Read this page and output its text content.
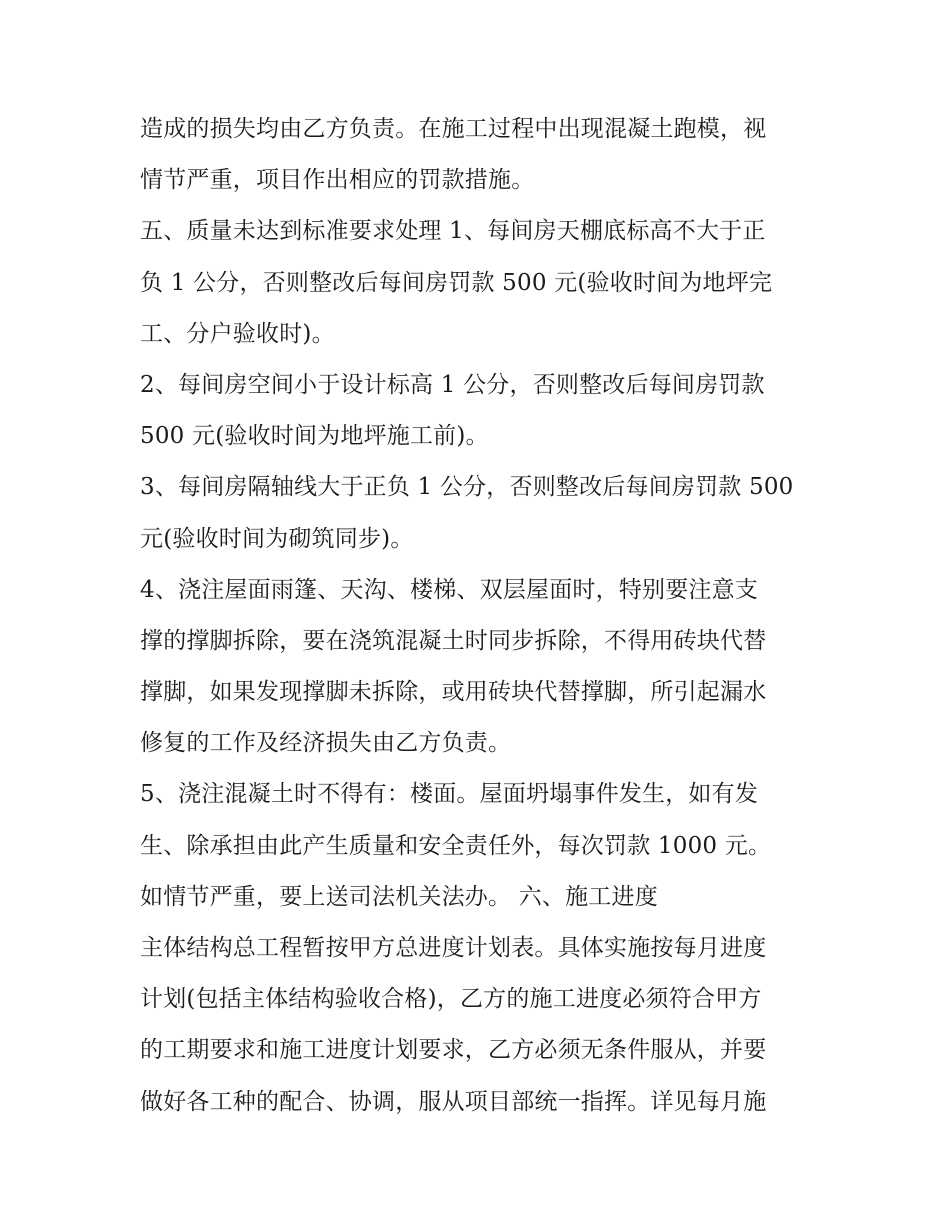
造成的损失均由乙方负责。在施工过程中出现混凝土跑模，视
情节严重，项目作出相应的罚款措施。
五、质量未达到标准要求处理 1、每间房天棚底标高不大于正
负 1 公分，否则整改后每间房罚款 500 元(验收时间为地坪完
工、分户验收时)。
2、每间房空间小于设计标高 1 公分，否则整改后每间房罚款
500 元(验收时间为地坪施工前)。
3、每间房隔轴线大于正负 1 公分，否则整改后每间房罚款 500
元(验收时间为砌筑同步)。
4、浇注屋面雨篷、天沟、楼梯、双层屋面时，特别要注意支
撑的撑脚拆除，要在浇筑混凝土时同步拆除，不得用砖块代替
撑脚，如果发现撑脚未拆除，或用砖块代替撑脚，所引起漏水
修复的工作及经济损失由乙方负责。
5、浇注混凝土时不得有：楼面。屋面坍塌事件发生，如有发
生、除承担由此产生质量和安全责任外，每次罚款 1000 元。
如情节严重，要上送司法机关法办。 六、施工进度
主体结构总工程暂按甲方总进度计划表。具体实施按每月进度
计划(包括主体结构验收合格)，乙方的施工进度必须符合甲方
的工期要求和施工进度计划要求，乙方必须无条件服从，并要
做好各工种的配合、协调，服从项目部统一指挥。详见每月施
